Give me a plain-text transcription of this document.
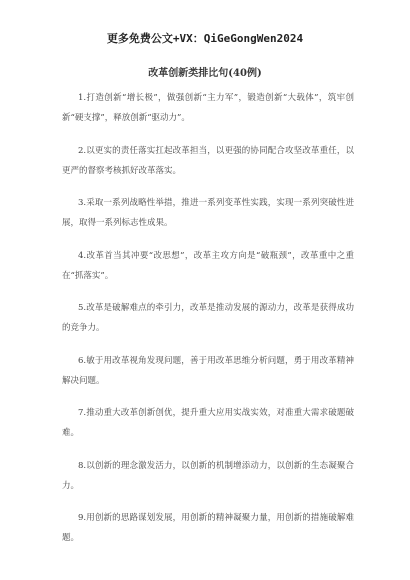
更多免费公文+VX：QiGeGongWen2024
改革创新类排比句(40例)

1.打造创新“增长极”，做强创新“主力军”，锻造创新“大载体”，筑牢创新“硬支撑”，释放创新“驱动力”。

2.以更实的责任落实扛起改革担当，以更强的协同配合攻坚改革重任，以更严的督察考核抓好改革落实。

3.采取一系列战略性举措，推进一系列变革性实践，实现一系列突破性进展，取得一系列标志性成果。

4.改革首当其冲要“改思想”，改革主攻方向是“破瓶颈”，改革重中之重在“抓落实”。

5.改革是破解难点的牵引力，改革是推动发展的源动力，改革是获得成功的竞争力。

6.敏于用改革视角发现问题，善于用改革思维分析问题，勇于用改革精神解决问题。

7.推动重大改革创新创优，提升重大应用实战实效，对准重大需求破题破难。

8.以创新的理念激发活力，以创新的机制增添动力，以创新的生态凝聚合力。

9.用创新的思路谋划发展，用创新的精神凝聚力量，用创新的措施破解难题。
